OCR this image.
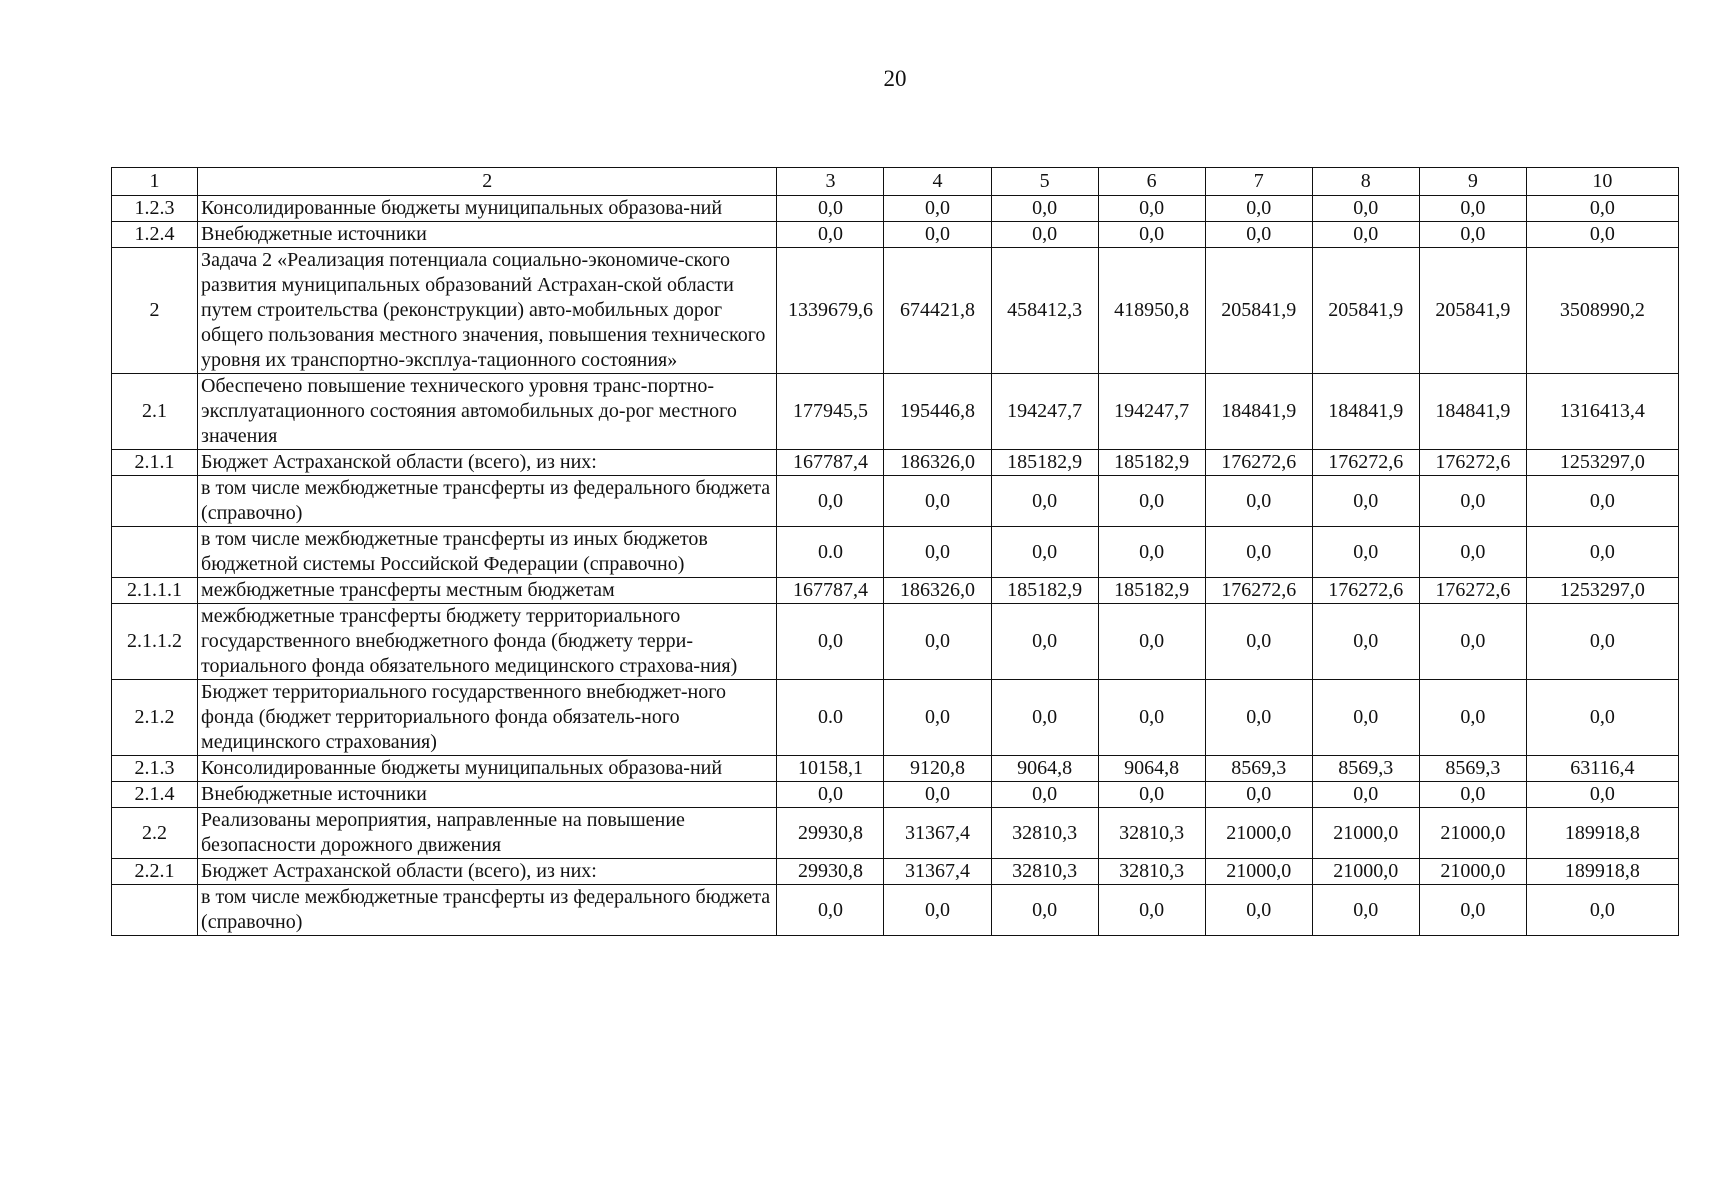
20
1	2	3	4	5	6	7	8	9	10
1.2.3	Консолидированные бюджеты муниципальных образова-ний	0,0	0,0	0,0	0,0	0,0	0,0	0,0	0,0
1.2.4	Внебюджетные источники	0,0	0,0	0,0	0,0	0,0	0,0	0,0	0,0
2	Задача 2 «Реализация потенциала социально-экономиче-ского развития муниципальных образований Астрахан-ской области путем строительства (реконструкции) авто-мобильных дорог общего пользования местного значения, повышения технического уровня их транспортно-эксплуа-тационного состояния»	1339679,6	674421,8	458412,3	418950,8	205841,9	205841,9	205841,9	3508990,2
2.1	Обеспечено повышение технического уровня транс-портно-эксплуатационного состояния автомобильных до-рог местного значения	177945,5	195446,8	194247,7	194247,7	184841,9	184841,9	184841,9	1316413,4
2.1.1	Бюджет Астраханской области (всего), из них:	167787,4	186326,0	185182,9	185182,9	176272,6	176272,6	176272,6	1253297,0
	в том числе межбюджетные трансферты из федерального бюджета (справочно)	0,0	0,0	0,0	0,0	0,0	0,0	0,0	0,0
	в том числе межбюджетные трансферты из иных бюджетов бюджетной системы Российской Федерации (справочно)	0.0	0,0	0,0	0,0	0,0	0,0	0,0	0,0
2.1.1.1	межбюджетные трансферты местным бюджетам	167787,4	186326,0	185182,9	185182,9	176272,6	176272,6	176272,6	1253297,0
2.1.1.2	межбюджетные трансферты бюджету территориального государственного внебюджетного фонда (бюджету терри-ториального фонда обязательного медицинского страхова-ния)	0,0	0,0	0,0	0,0	0,0	0,0	0,0	0,0
2.1.2	Бюджет территориального государственного внебюджет-ного фонда (бюджет территориального фонда обязатель-ного медицинского страхования)	0.0	0,0	0,0	0,0	0,0	0,0	0,0	0,0
2.1.3	Консолидированные бюджеты муниципальных образова-ний	10158,1	9120,8	9064,8	9064,8	8569,3	8569,3	8569,3	63116,4
2.1.4	Внебюджетные источники	0,0	0,0	0,0	0,0	0,0	0,0	0,0	0,0
2.2	Реализованы мероприятия, направленные на повышение безопасности дорожного движения	29930,8	31367,4	32810,3	32810,3	21000,0	21000,0	21000,0	189918,8
2.2.1	Бюджет Астраханской области (всего), из них:	29930,8	31367,4	32810,3	32810,3	21000,0	21000,0	21000,0	189918,8
	в том числе межбюджетные трансферты из федерального бюджета (справочно)	0,0	0,0	0,0	0,0	0,0	0,0	0,0	0,0
